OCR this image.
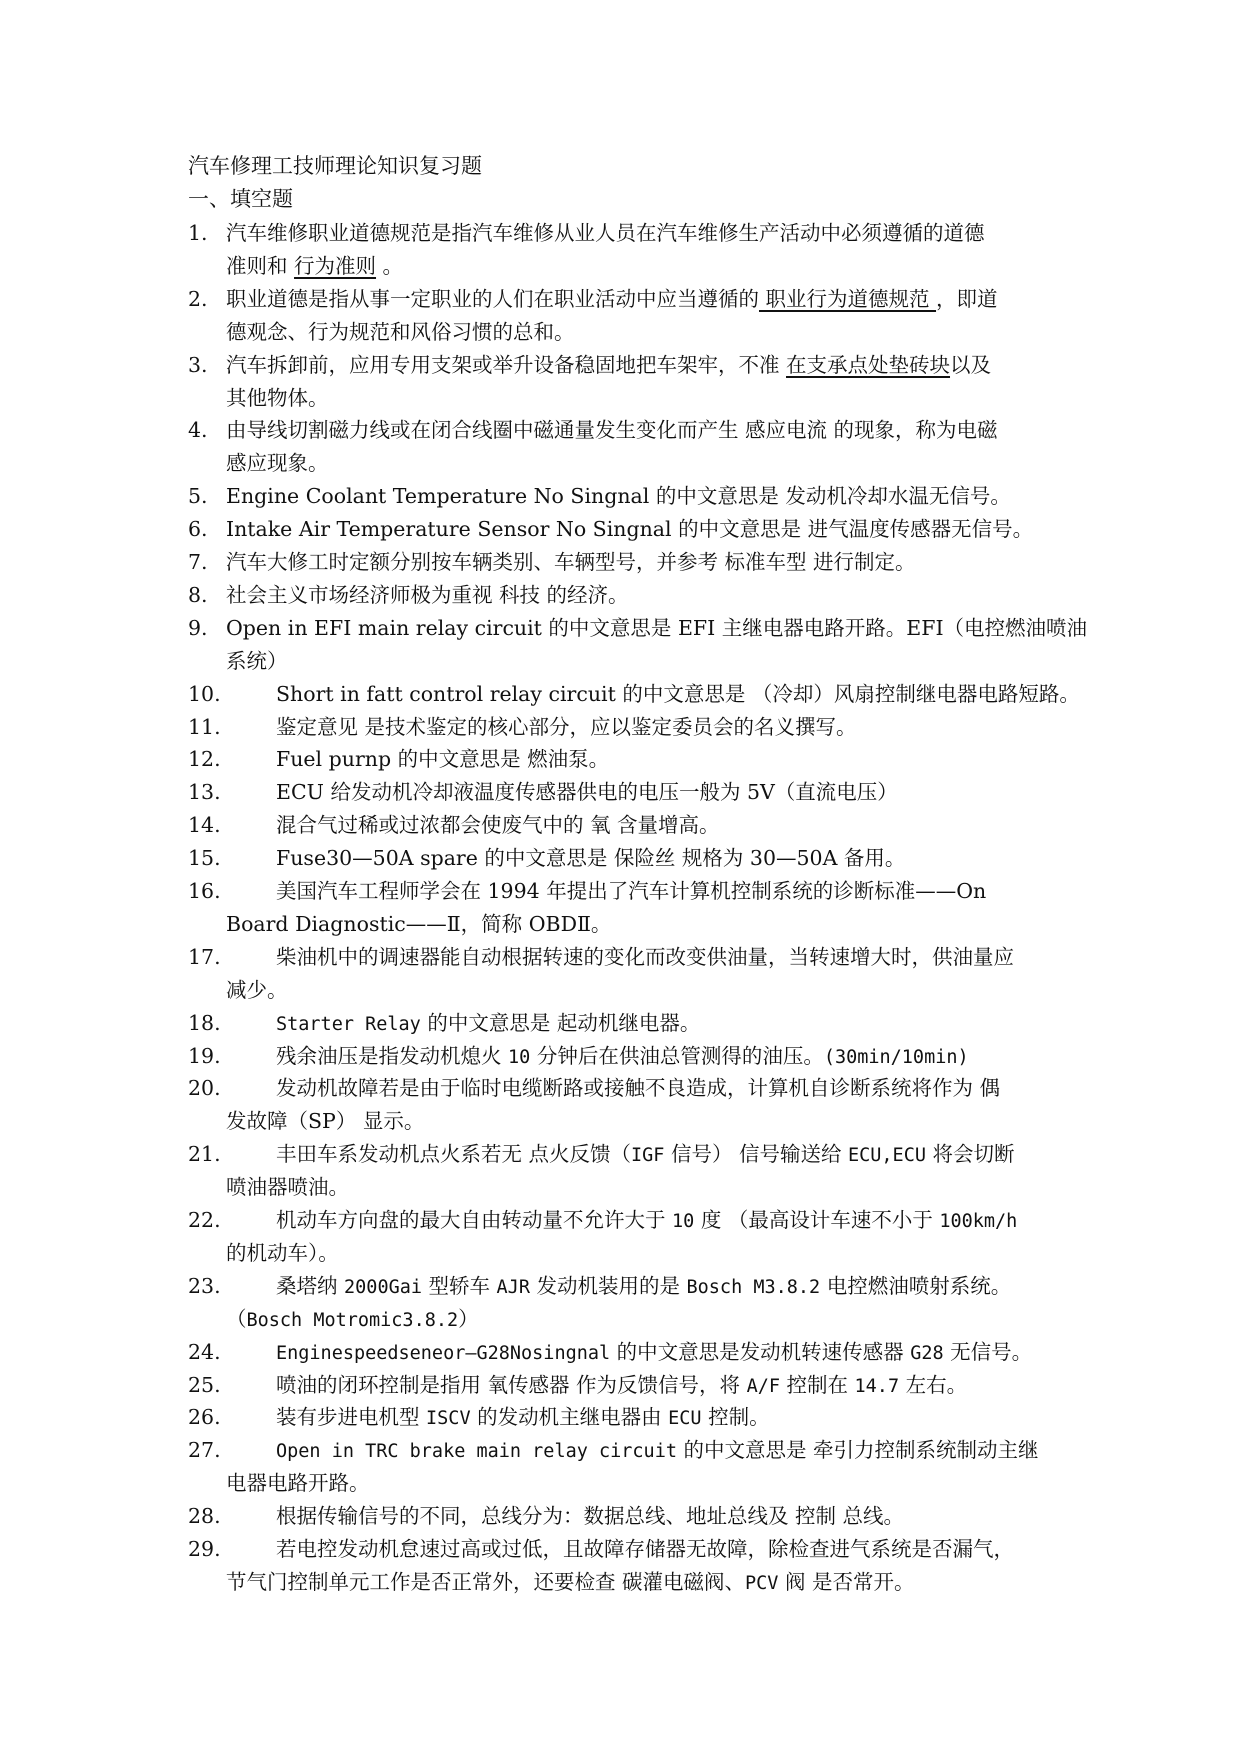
汽车修理工技师理论知识复习题
一、填空题
1. 汽车维修职业道德规范是指汽车维修从业人员在汽车维修生产活动中必须遵循的道德
准则和 行为准则 。
2. 职业道德是指从事一定职业的人们在职业活动中应当遵循的 职业行为道德规范 ，即道
德观念、行为规范和风俗习惯的总和。
3. 汽车拆卸前，应用专用支架或举升设备稳固地把车架牢，不准 在支承点处垫砖块以及
其他物体。
4. 由导线切割磁力线或在闭合线圈中磁通量发生变化而产生 感应电流 的现象，称为电磁
感应现象。
5. Engine Coolant Temperature No Singnal 的中文意思是 发动机冷却水温无信号。
6. Intake Air Temperature Sensor No Singnal 的中文意思是 进气温度传感器无信号。
7. 汽车大修工时定额分别按车辆类别、车辆型号，并参考 标准车型 进行制定。
8. 社会主义市场经济师极为重视 科技 的经济。
9. Open in EFI main relay circuit 的中文意思是 EFI 主继电器电路开路。EFI（电控燃油喷油
系统）
10.	Short in fatt control relay circuit 的中文意思是 （冷却）风扇控制继电器电路短路。
11.	鉴定意见 是技术鉴定的核心部分，应以鉴定委员会的名义撰写。
12.	Fuel purnp 的中文意思是 燃油泵。
13.	ECU 给发动机冷却液温度传感器供电的电压一般为 5V（直流电压）
14.	混合气过稀或过浓都会使废气中的 氧 含量增高。
15.	Fuse30—50A spare 的中文意思是 保险丝 规格为 30—50A 备用。
16.	美国汽车工程师学会在 1994 年提出了汽车计算机控制系统的诊断标准——On
Board Diagnostic——Ⅱ，简称 OBDⅡ。
17.	柴油机中的调速器能自动根据转速的变化而改变供油量，当转速增大时，供油量应
减少。
18.	Starter Relay 的中文意思是 起动机继电器。
19.	残余油压是指发动机熄火 10 分钟后在供油总管测得的油压。(30min/10min)
20.	发动机故障若是由于临时电缆断路或接触不良造成，计算机自诊断系统将作为 偶
发故障（SP） 显示。
21.	丰田车系发动机点火系若无 点火反馈（IGF 信号） 信号输送给 ECU,ECU 将会切断
喷油器喷油。
22.	机动车方向盘的最大自由转动量不允许大于 10 度 （最高设计车速不小于 100km/h
的机动车）。
23.	桑塔纳 2000Gai 型轿车 AJR 发动机装用的是 Bosch M3.8.2 电控燃油喷射系统。
（Bosch Motromic3.8.2）
24.	Enginespeedseneor—G28Nosingnal 的中文意思是发动机转速传感器 G28 无信号。
25.	喷油的闭环控制是指用 氧传感器 作为反馈信号，将 A/F 控制在 14.7 左右。
26.	装有步进电机型 ISCV 的发动机主继电器由 ECU 控制。
27.	Open in TRC brake main relay circuit 的中文意思是 牵引力控制系统制动主继
电器电路开路。
28.	根据传输信号的不同，总线分为：数据总线、地址总线及 控制 总线。
29.	若电控发动机怠速过高或过低，且故障存储器无故障，除检查进气系统是否漏气，
节气门控制单元工作是否正常外，还要检查 碳灌电磁阀、PCV 阀 是否常开。
